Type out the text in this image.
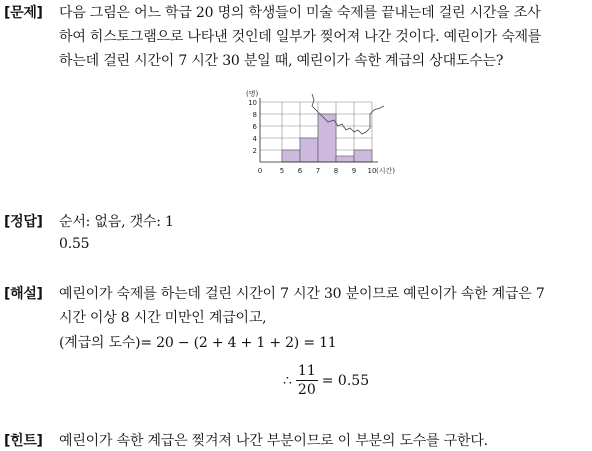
[문제] 다음 그림은 어느 학급 20 명의 학생들이 미술 숙제를 끝내는데 걸린 시간을 조사
하여 히스토그램으로 나타낸 것인데 일부가 찢어져 나간 것이다. 예린이가 숙제를
하는데 걸린 시간이 7 시간 30 분일 때, 예린이가 속한 계급의 상대도수는?
2
4
6
8
10
(명)
0	5 6 7 8 9 10 (시간)
[정답] 순서: 없음, 갯수: 1
0.55
[해설] 예린이가 숙제를 하는데 걸린 시간이 7 시간 30 분이므로 예린이가 속한 계급은 7
시간 이상 8 시간 미만인 계급이고,
(계급의 도수)= 20 − (2 + 4 + 1 + 2) = 11
∴ $\frac{11}{20} = 0.55$
[힌트] 예린이가 속한 계급은 찢겨져 나간 부분이므로 이 부분의 도수를 구한다.
